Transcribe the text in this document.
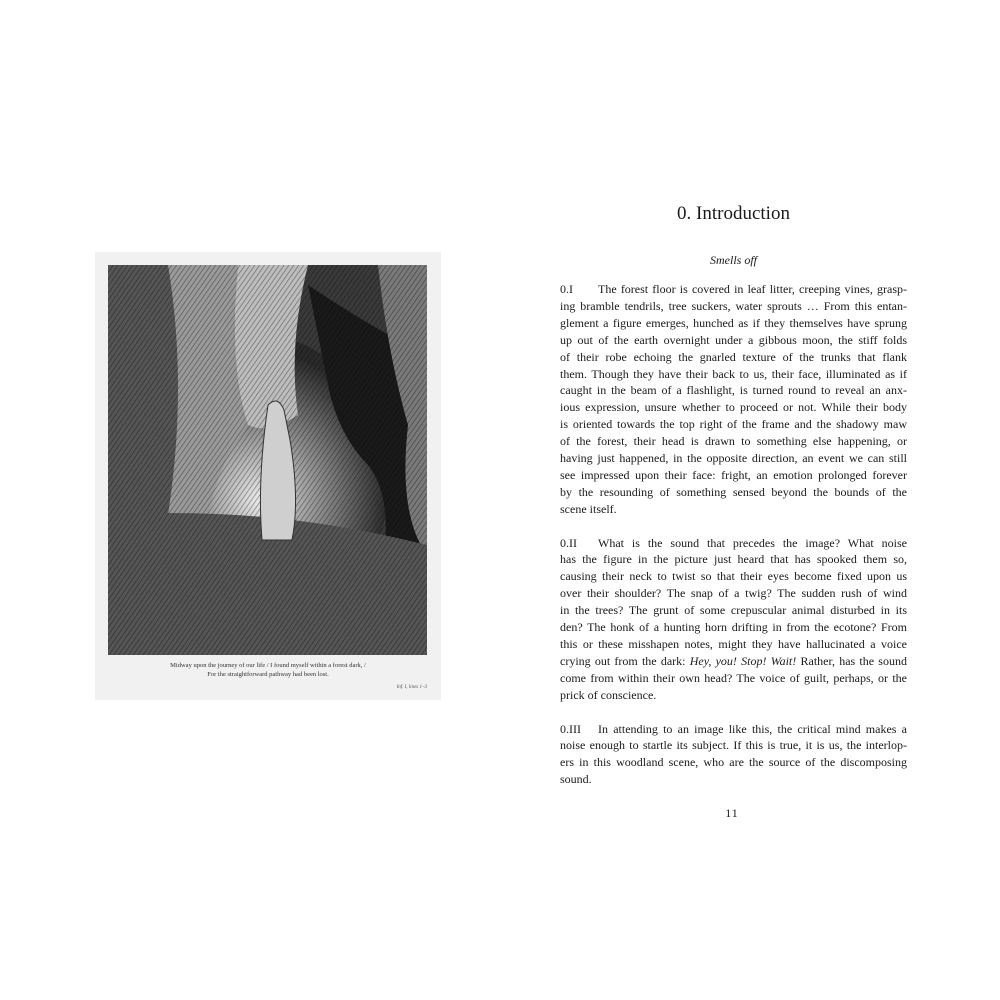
Midway upon the journey of our life / I found myself within a forest dark, /
For the straightforward pathway had been lost.
Inf. I, lines 1–3
0. Introduction
Smells off
0.I The forest floor is covered in leaf litter, creeping vines, grasp-
ing bramble tendrils, tree suckers, water sprouts … From this entan-
glement a figure emerges, hunched as if they themselves have sprung
up out of the earth overnight under a gibbous moon, the stiff folds
of their robe echoing the gnarled texture of the trunks that flank
them. Though they have their back to us, their face, illuminated as if
caught in the beam of a flashlight, is turned round to reveal an anx-
ious expression, unsure whether to proceed or not. While their body
is oriented towards the top right of the frame and the shadowy maw
of the forest, their head is drawn to something else happening, or
having just happened, in the opposite direction, an event we can still
see impressed upon their face: fright, an emotion prolonged forever
by the resounding of something sensed beyond the bounds of the
scene itself.
0.II What is the sound that precedes the image? What noise
has the figure in the picture just heard that has spooked them so,
causing their neck to twist so that their eyes become fixed upon us
over their shoulder? The snap of a twig? The sudden rush of wind
in the trees? The grunt of some crepuscular animal disturbed in its
den? The honk of a hunting horn drifting in from the ecotone? From
this or these misshapen notes, might they have hallucinated a voice
crying out from the dark: Hey, you! Stop! Wait! Rather, has the sound
come from within their own head? The voice of guilt, perhaps, or the
prick of conscience.
0.III In attending to an image like this, the critical mind makes a
noise enough to startle its subject. If this is true, it is us, the interlop-
ers in this woodland scene, who are the source of the discomposing
sound.
11
